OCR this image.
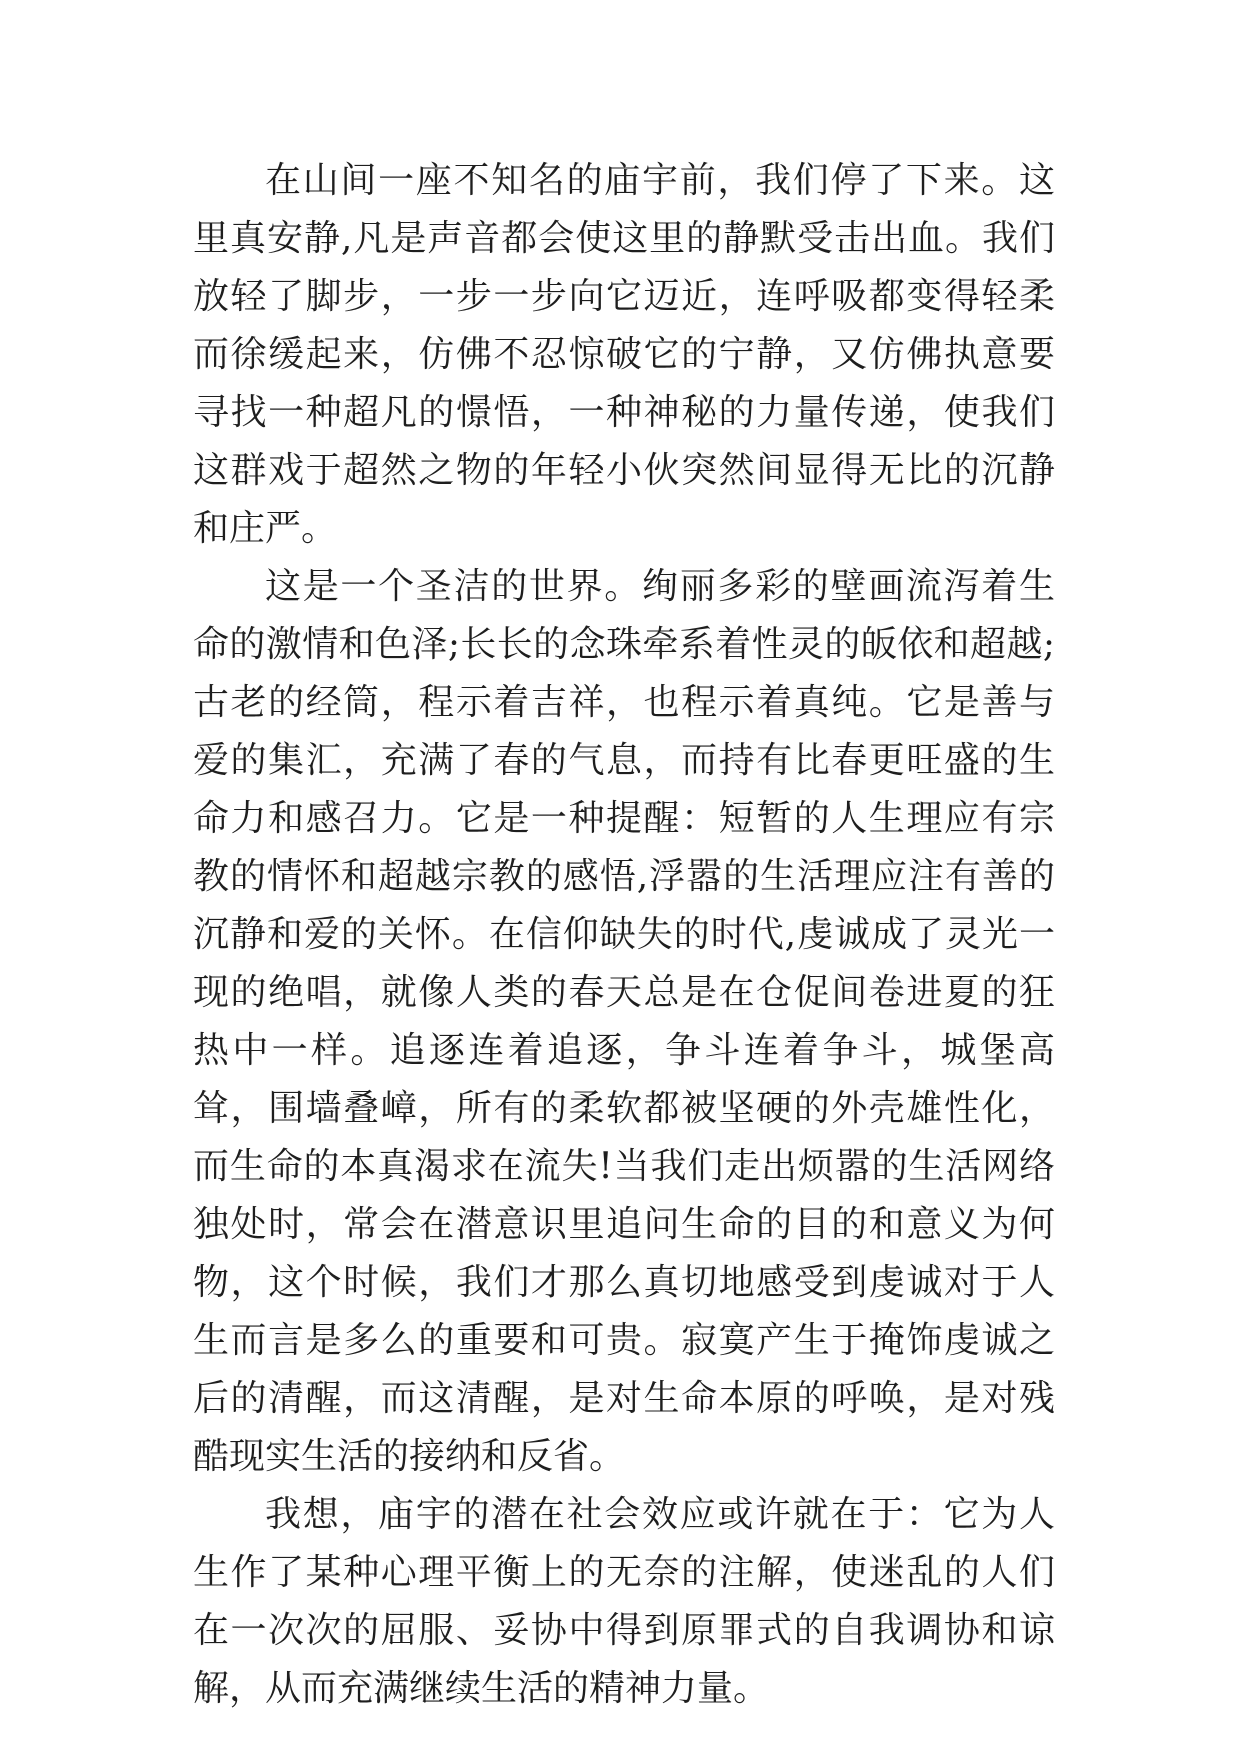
在山间一座不知名的庙宇前，我们停了下来。这里真安静,凡是声音都会使这里的静默受击出血。我们放轻了脚步，一步一步向它迈近，连呼吸都变得轻柔而徐缓起来，仿佛不忍惊破它的宁静，又仿佛执意要寻找一种超凡的憬悟，一种神秘的力量传递，使我们这群戏于超然之物的年轻小伙突然间显得无比的沉静和庄严。

这是一个圣洁的世界。绚丽多彩的壁画流泻着生命的激情和色泽;长长的念珠牵系着性灵的皈依和超越;古老的经筒，程示着吉祥，也程示着真纯。它是善与爱的集汇，充满了春的气息，而持有比春更旺盛的生命力和感召力。它是一种提醒：短暂的人生理应有宗教的情怀和超越宗教的感悟,浮嚣的生活理应注有善的沉静和爱的关怀。在信仰缺失的时代,虔诚成了灵光一现的绝唱，就像人类的春天总是在仓促间卷进夏的狂热中一样。追逐连着追逐，争斗连着争斗，城堡高耸，围墙叠嶂，所有的柔软都被坚硬的外壳雄性化，而生命的本真渴求在流失!当我们走出烦嚣的生活网络独处时，常会在潜意识里追问生命的目的和意义为何物，这个时候，我们才那么真切地感受到虔诚对于人生而言是多么的重要和可贵。寂寞产生于掩饰虔诚之后的清醒，而这清醒，是对生命本原的呼唤，是对残酷现实生活的接纳和反省。

我想，庙宇的潜在社会效应或许就在于：它为人生作了某种心理平衡上的无奈的注解，使迷乱的人们在一次次的屈服、妥协中得到原罪式的自我调协和谅解，从而充满继续生活的精神力量。
